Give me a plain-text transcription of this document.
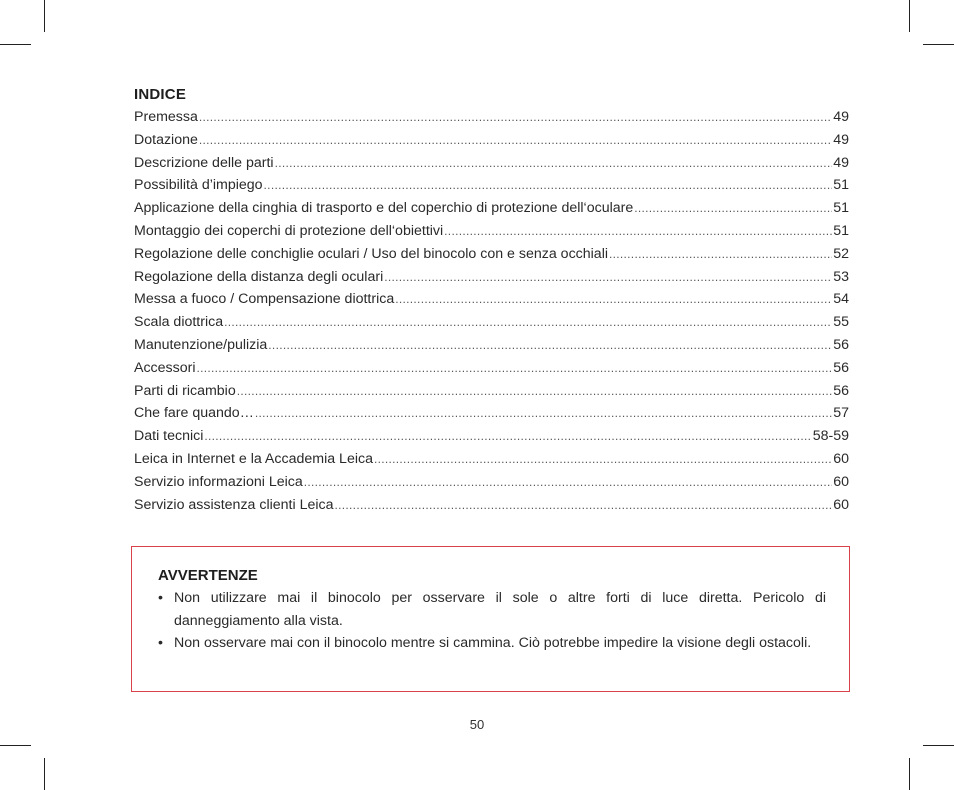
INDICE
Premessa .....	49
Dotazione .....	49
Descrizione delle parti .....	49
Possibilità d’impiego .....	51
Applicazione della cinghia di trasporto e del coperchio di protezione dell‘oculare .....	51
Montaggio dei coperchi di protezione dell‘obiettivi .....	51
Regolazione delle conchiglie oculari / Uso del binocolo con e senza occhiali .....	52
Regolazione della distanza degli oculari .....	53
Messa a fuoco / Compensazione diottrica .....	54
Scala diottrica .....	55
Manutenzione/pulizia .....	56
Accessori .....	56
Parti di ricambio .....	56
Che fare quando… .....	57
Dati tecnici .....	58-59
Leica in Internet e la Accademia Leica .....	60
Servizio informazioni Leica .....	60
Servizio assistenza clienti Leica .....	60
AVVERTENZE
• Non utilizzare mai il binocolo per osservare il sole o altre forti di luce diretta. Pericolo di danneggiamento alla vista.
• Non osservare mai con il binocolo mentre si cammina. Ciò potrebbe impedire la visione degli ostacoli.
50
